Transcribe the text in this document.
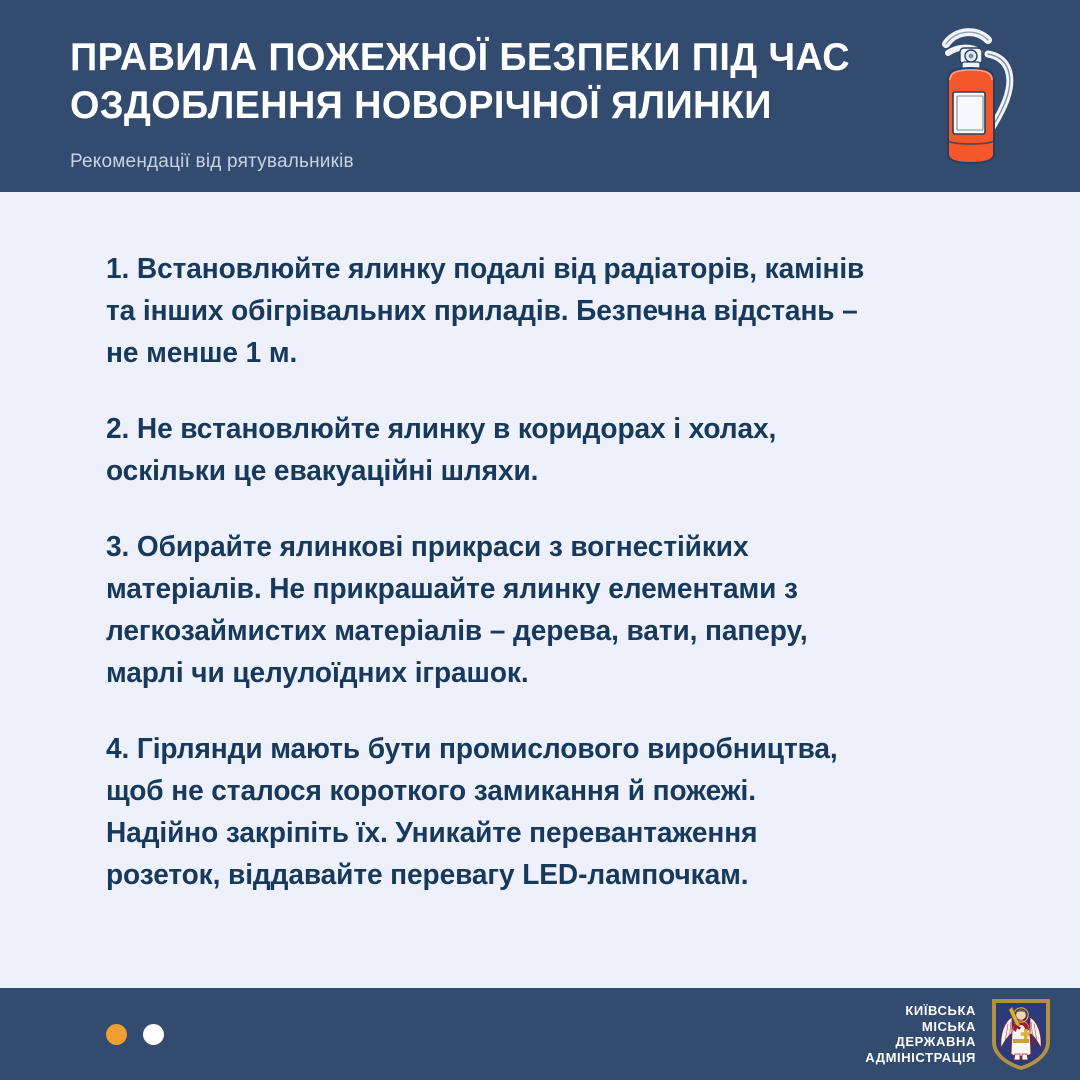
ПРАВИЛА ПОЖЕЖНОЇ БЕЗПЕКИ ПІД ЧАС
ОЗДОБЛЕННЯ НОВОРІЧНОЇ ЯЛИНКИ

Рекомендації від рятувальників

1. Встановлюйте ялинку подалі від радіаторів, камінів
та інших обігрівальних приладів. Безпечна відстань –
не менше 1 м.
2. Не встановлюйте ялинку в коридорах і холах,
оскільки це евакуаційні шляхи.
3. Обирайте ялинкові прикраси з вогнестійких
матеріалів. Не прикрашайте ялинку елементами з
легкозаймистих матеріалів – дерева, вати, паперу,
марлі чи целулоїдних іграшок.
4. Гірлянди мають бути промислового виробництва,
щоб не сталося короткого замикання й пожежі.
Надійно закріпіть їх. Уникайте перевантаження
розеток, віддавайте перевагу LED-лампочкам.
КИЇВСЬКА
МІСЬКА
ДЕРЖАВНА
АДМІНІСТРАЦІЯ
